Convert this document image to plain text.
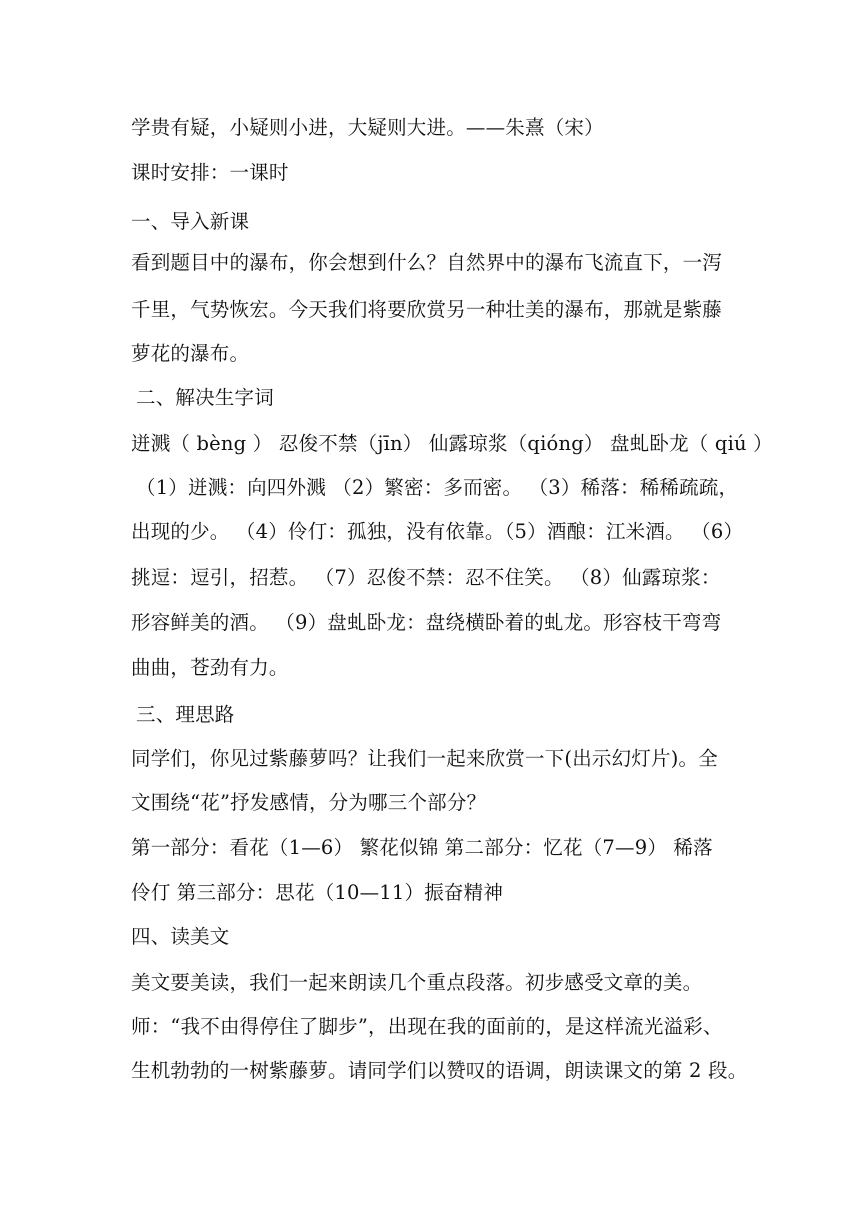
学贵有疑，小疑则小进，大疑则大进。——朱熹（宋）
课时安排：一课时
一、导入新课
看到题目中的瀑布，你会想到什么？自然界中的瀑布飞流直下，一泻
千里，气势恢宏。今天我们将要欣赏另一种壮美的瀑布，那就是紫藤
萝花的瀑布。
二、解决生字词
迸溅（ bèng ） 忍俊不禁（jīn） 仙露琼浆（qióng） 盘虬卧龙（ qiú ）
（1）迸溅：向四外溅 （2）繁密：多而密。 （3）稀落：稀稀疏疏，
出现的少。 （4）伶仃：孤独，没有依靠。（5）酒酿：江米酒。 （6）
挑逗：逗引，招惹。 （7）忍俊不禁：忍不住笑。 （8）仙露琼浆：
形容鲜美的酒。 （9）盘虬卧龙：盘绕横卧着的虬龙。形容枝干弯弯
曲曲，苍劲有力。
三、理思路
同学们，你见过紫藤萝吗？让我们一起来欣赏一下(出示幻灯片)。全
文围绕“花”抒发感情，分为哪三个部分？
第一部分：看花（1—6） 繁花似锦 第二部分：忆花（7—9） 稀落
伶仃 第三部分：思花（10—11）振奋精神
四、读美文
美文要美读，我们一起来朗读几个重点段落。初步感受文章的美。
师：“我不由得停住了脚步”，出现在我的面前的，是这样流光溢彩、
生机勃勃的一树紫藤萝。请同学们以赞叹的语调，朗读课文的第 2 段。
